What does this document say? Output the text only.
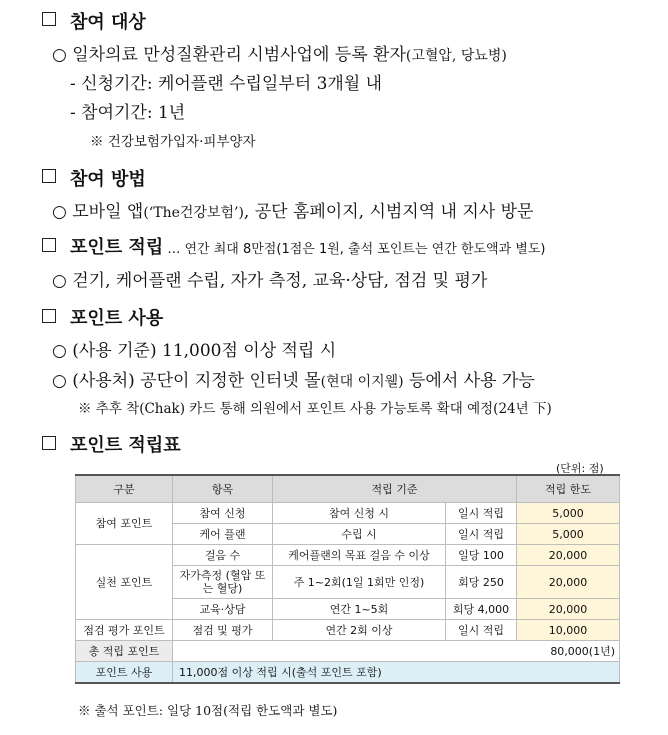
참여 대상
○ 일차의료 만성질환관리 시범사업에 등록 환자(고혈압, 당뇨병)
- 신청기간: 케어플랜 수립일부터 3개월 내
- 참여기간: 1년
※ 건강보험가입자·피부양자
참여 방법
○ 모바일 앱(‘The건강보험’), 공단 홈페이지, 시범지역 내 지사 방문
포인트 적립 … 연간 최대 8만점(1점은 1원, 출석 포인트는 연간 한도액과 별도)
○ 걷기, 케어플랜 수립, 자가 측정, 교육·상담, 점검 및 평가
포인트 사용
○ (사용 기준) 11,000점 이상 적립 시
○ (사용처) 공단이 지정한 인터넷 몰(현대 이지웰) 등에서 사용 가능
※ 추후 착(Chak) 카드 통해 의원에서 포인트 사용 가능토록 확대 예정(24년 下)
포인트 적립표
(단위: 점)
구분	항목	적립 기준		적립 한도
참여 포인트	참여 신청	참여 신청 시	일시 적립	5,000
	케어 플랜	수립 시	일시 적립	5,000
실천 포인트	걸음 수	케어플랜의 목표 걸음 수 이상	일당 100	20,000
	자가측정 (혈압 또는 혈당)	주 1~2회(1일 1회만 인정)	회당 250	20,000
	교육·상담	연간 1~5회	회당 4,000	20,000
점검 평가 포인트	점검 및 평가	연간 2회 이상	일시 적립	10,000
총 적립 포인트	80,000(1년)			
포인트 사용	11,000점 이상 적립 시(출석 포인트 포함)			
※ 출석 포인트: 일당 10점(적립 한도액과 별도)
